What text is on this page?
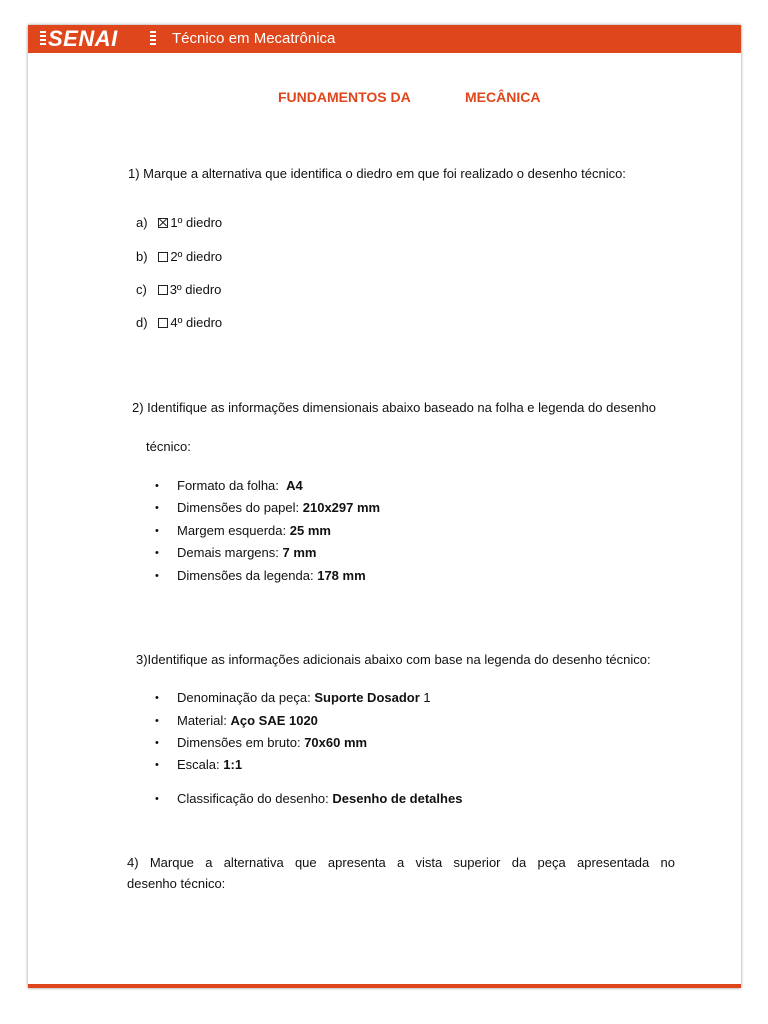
SENAI	Técnico em Mecatrônica
FUNDAMENTOS DA	MECÂNICA
1) Marque a alternativa que identifica o diedro em que foi realizado o desenho técnico:
a) 1º diedro
b) 2º diedro
c) 3º diedro
d) 4º diedro
2) Identifique as informações dimensionais abaixo baseado na folha e legenda do desenho
técnico:
• Formato da folha: A4
• Dimensões do papel: 210x297 mm
• Margem esquerda: 25 mm
• Demais margens: 7 mm
• Dimensões da legenda: 178 mm
3)Identifique as informações adicionais abaixo com base na legenda do desenho técnico:
• Denominação da peça: Suporte Dosador 1
• Material: Aço SAE 1020
• Dimensões em bruto: 70x60 mm
• Escala: 1:1
• Classificação do desenho: Desenho de detalhes
4) Marque a alternativa que apresenta a vista superior da peça apresentada no
desenho técnico:
